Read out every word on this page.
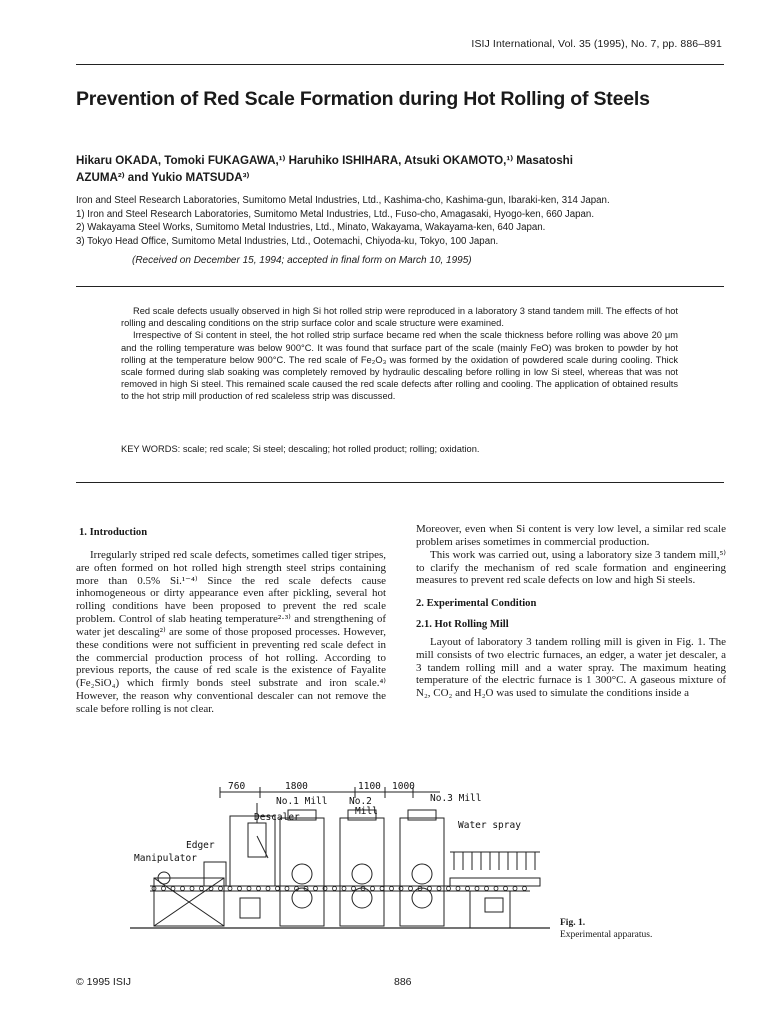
ISIJ International, Vol. 35 (1995), No. 7, pp. 886–891
Prevention of Red Scale Formation during Hot Rolling of Steels
Hikaru OKADA, Tomoki FUKAGAWA,¹⁾ Haruhiko ISHIHARA, Atsuki OKAMOTO,¹⁾ Masatoshi
AZUMA²⁾ and Yukio MATSUDA³⁾
Iron and Steel Research Laboratories, Sumitomo Metal Industries, Ltd., Kashima-cho, Kashima-gun, Ibaraki-ken, 314 Japan.
1) Iron and Steel Research Laboratories, Sumitomo Metal Industries, Ltd., Fuso-cho, Amagasaki, Hyogo-ken, 660 Japan.
2) Wakayama Steel Works, Sumitomo Metal Industries, Ltd., Minato, Wakayama, Wakayama-ken, 640 Japan.
3) Tokyo Head Office, Sumitomo Metal Industries, Ltd., Ootemachi, Chiyoda-ku, Tokyo, 100 Japan.
(Received on December 15, 1994; accepted in final form on March 10, 1995)

Red scale defects usually observed in high Si hot rolled strip were reproduced in a laboratory 3 stand tandem mill. The effects of hot rolling and descaling conditions on the strip surface color and scale structure were examined.

Irrespective of Si content in steel, the hot rolled strip surface became red when the scale thickness before rolling was above 20 μm and the rolling temperature was below 900°C. It was found that surface part of the scale (mainly FeO) was broken to powder by hot rolling at the temperature below 900°C. The red scale of Fe₂O₃ was formed by the oxidation of powdered scale during cooling. Thick scale formed during slab soaking was completely removed by hydraulic descaling before rolling in low Si steel, whereas that was not removed in high Si steel. This remained scale caused the red scale defects after rolling and cooling. The application of obtained results to the hot strip mill production of red scaleless strip was discussed.

KEY WORDS: scale; red scale; Si steel; descaling; hot rolled product; rolling; oxidation.

1. Introduction

Irregularly striped red scale defects, sometimes called tiger stripes, are often formed on hot rolled high strength steel strips containing more than 0.5% Si.¹⁻⁴⁾ Since the red scale defects cause inhomogeneous or dirty appearance even after pickling, several hot rolling conditions have been proposed to prevent the red scale problem. Control of slab heating temperature²·³⁾ and strengthening of water jet descaling²⁾ are some of those proposed processes. However, these conditions were not sufficient in preventing red scale defect in the commercial production process of hot rolling. According to previous reports, the cause of red scale is the existence of Fayalite (Fe₂SiO₄) which firmly bonds steel substrate and iron scale.⁴⁾ However, the reason why conventional descaler can not remove the scale before rolling is not clear.

Moreover, even when Si content is very low level, a similar red scale problem arises sometimes in commercial production.

This work was carried out, using a laboratory size 3 tandem mill,⁵⁾ to clarify the mechanism of red scale formation and engineering measures to prevent red scale defects on low and high Si steels.

2. Experimental Condition

2.1. Hot Rolling Mill

Layout of laboratory 3 tandem rolling mill is given in Fig. 1. The mill consists of two electric furnaces, an edger, a water jet descaler, a 3 tandem rolling mill and a water spray. The maximum heating temperature of the electric furnace is 1 300°C. A gaseous mixture of N₂, CO₂ and H₂O was used to simulate the conditions inside a

760	1800	1100 1000
No.1 Mill No.2
Mill
No.3 Mill
Descaler
Water spray
Edger
Manipulator
Fig. 1.
Experimental apparatus.
© 1995 ISIJ	886
